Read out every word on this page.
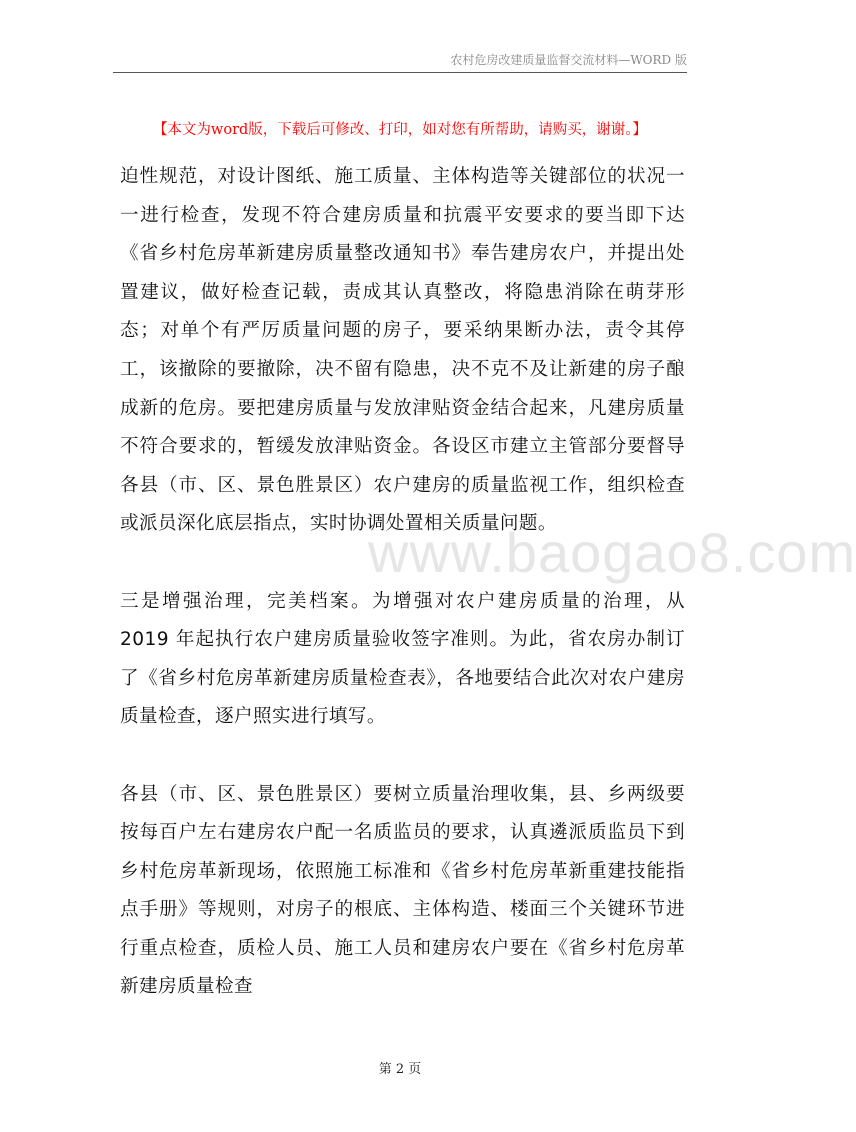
农村危房改建质量监督交流材料—WORD 版
【本文为word版，下载后可修改、打印，如对您有所帮助，请购买，谢谢。】

迫性规范，对设计图纸、施工质量、主体构造等关键部位的状况一一进行检查，发现不符合建房质量和抗震平安要求的要当即下达《省乡村危房革新建房质量整改通知书》奉告建房农户，并提出处置建议，做好检查记载，责成其认真整改，将隐患消除在萌芽形态；对单个有严厉质量问题的房子，要采纳果断办法，责令其停工，该撤除的要撤除，决不留有隐患，决不克不及让新建的房子酿成新的危房。要把建房质量与发放津贴资金结合起来，凡建房质量不符合要求的，暂缓发放津贴资金。各设区市建立主管部分要督导各县（市、区、景色胜景区）农户建房的质量监视工作，组织检查或派员深化底层指点，实时协调处置相关质量问题。

三是增强治理，完美档案。为增强对农户建房质量的治理，从 2019 年起执行农户建房质量验收签字准则。为此，省农房办制订了《省乡村危房革新建房质量检查表》，各地要结合此次对农户建房质量检查，逐户照实进行填写。

各县（市、区、景色胜景区）要树立质量治理收集，县、乡两级要按每百户左右建房农户配一名质监员的要求，认真遴派质监员下到乡村危房革新现场，依照施工标准和《省乡村危房革新重建技能指点手册》等规则，对房子的根底、主体构造、楼面三个关键环节进行重点检查，质检人员、施工人员和建房农户要在《省乡村危房革新建房质量检查

www.baogao8.com
第 2 页
